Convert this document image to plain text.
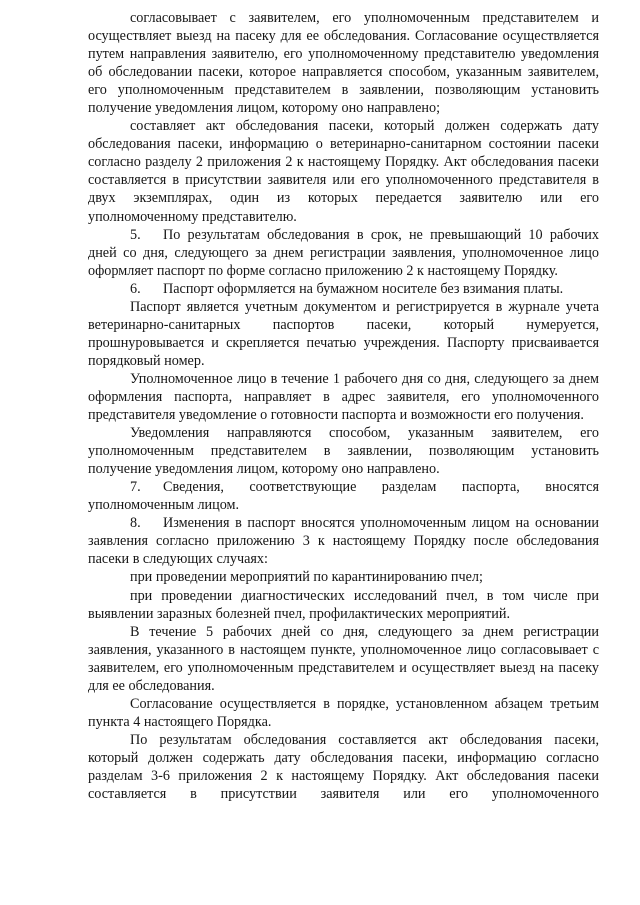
согласовывает с заявителем, его уполномоченным представителем и осуществляет выезд на пасеку для ее обследования. Согласование осуществляется путем направления заявителю, его уполномоченному представителю уведомления об обследовании пасеки, которое направляется способом, указанным заявителем, его уполномоченным представителем в заявлении, позволяющим установить получение уведомления лицом, которому оно направлено;

составляет акт обследования пасеки, который должен содержать дату обследования пасеки, информацию о ветеринарно-санитарном состоянии пасеки согласно разделу 2 приложения 2 к настоящему Порядку. Акт обследования пасеки составляется в присутствии заявителя или его уполномоченного представителя в двух экземплярах, один из которых передается заявителю или его уполномоченному представителю.

5. По результатам обследования в срок, не превышающий 10 рабочих дней со дня, следующего за днем регистрации заявления, уполномоченное лицо оформляет паспорт по форме согласно приложению 2 к настоящему Порядку.

6. Паспорт оформляется на бумажном носителе без взимания платы.

Паспорт является учетным документом и регистрируется в журнале учета ветеринарно-санитарных паспортов пасеки, который нумеруется, прошнуровывается и скрепляется печатью учреждения. Паспорту присваивается порядковый номер.

Уполномоченное лицо в течение 1 рабочего дня со дня, следующего за днем оформления паспорта, направляет в адрес заявителя, его уполномоченного представителя уведомление о готовности паспорта и возможности его получения.

Уведомления направляются способом, указанным заявителем, его уполномоченным представителем в заявлении, позволяющим установить получение уведомления лицом, которому оно направлено.

7. Сведения, соответствующие разделам паспорта, вносятся уполномоченным лицом.

8. Изменения в паспорт вносятся уполномоченным лицом на основании заявления согласно приложению 3 к настоящему Порядку после обследования пасеки в следующих случаях:

при проведении мероприятий по карантинированию пчел;

при проведении диагностических исследований пчел, в том числе при выявлении заразных болезней пчел, профилактических мероприятий.

В течение 5 рабочих дней со дня, следующего за днем регистрации заявления, указанного в настоящем пункте, уполномоченное лицо согласовывает с заявителем, его уполномоченным представителем и осуществляет выезд на пасеку для ее обследования.

Согласование осуществляется в порядке, установленном абзацем третьим пункта 4 настоящего Порядка.

По результатам обследования составляется акт обследования пасеки, который должен содержать дату обследования пасеки, информацию согласно разделам 3-6 приложения 2 к настоящему Порядку. Акт обследования пасеки составляется в присутствии заявителя или его уполномоченного
